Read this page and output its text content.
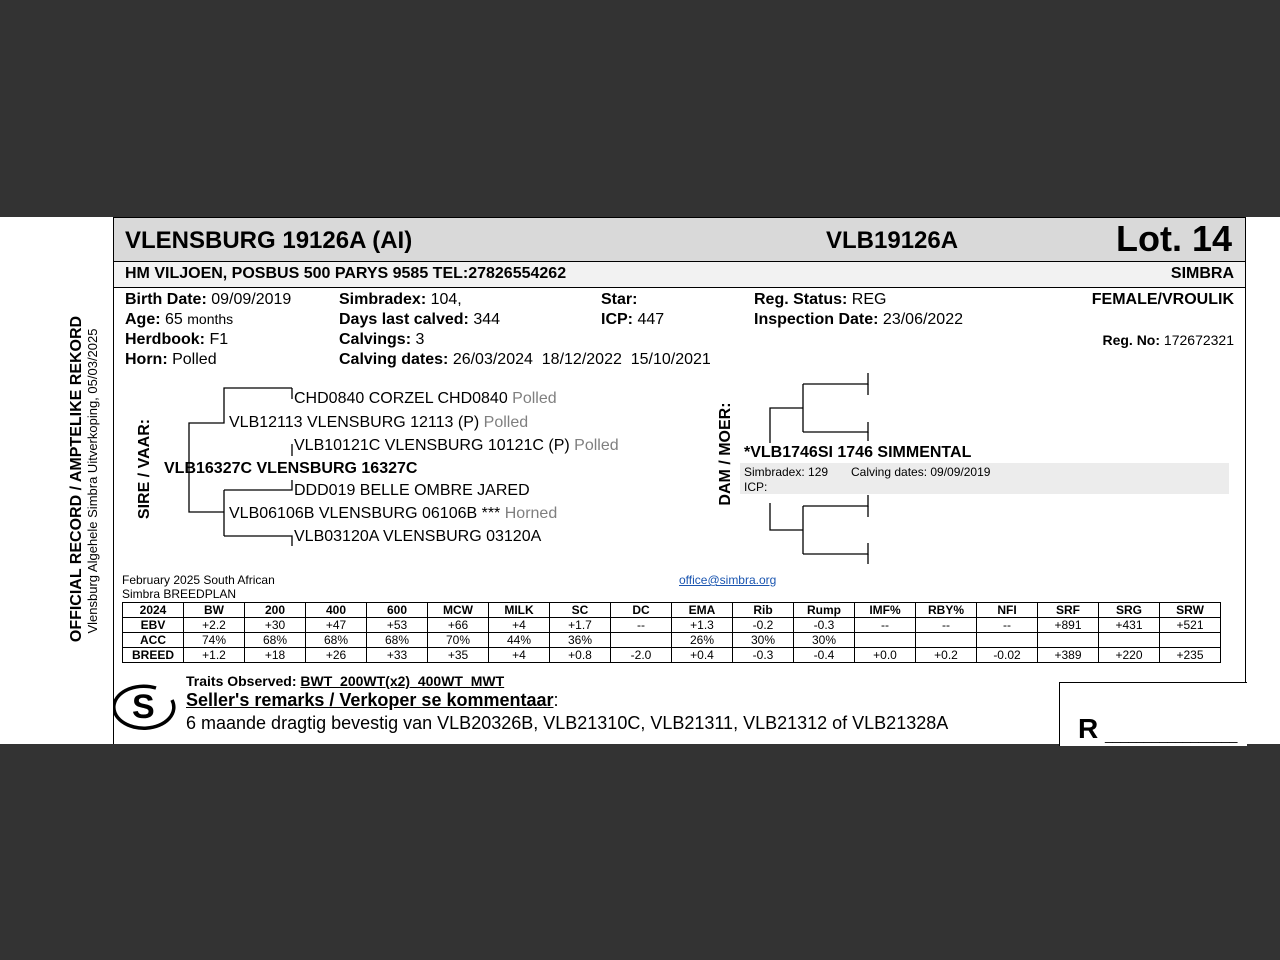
OFFICIAL RECORD / AMPTELIKE REKORD Vlensburg Algehele Simbra Uitverkoping, 05/03/2025
VLENSBURG 19126A (AI)	VLB19126A	Lot. 14
HM VILJOEN, POSBUS 500 PARYS 9585 TEL:27826554262	SIMBRA
Birth Date: 09/09/2019
Age: 65 months
Herdbook: F1
Horn: Polled
Simbradex: 104,
Days last calved: 344
Calvings: 3
Calving dates: 26/03/2024  18/12/2022  15/10/2021
Star:
ICP: 447
Reg. Status: REG
Inspection Date: 23/06/2022
FEMALE/VROULIK
Reg. No: 172672321
SIRE / VAAR:	DAM / MOER:
CHD0840 CORZEL CHD0840 Polled
VLB12113 VLENSBURG 12113 (P) Polled
VLB10121C VLENSBURG 10121C (P) Polled
VLB16327C VLENSBURG 16327C
DDD019 BELLE OMBRE JARED
VLB06106B VLENSBURG 06106B *** Horned
VLB03120A VLENSBURG 03120A
*VLB1746SI 1746 SIMMENTAL
Simbradex: 129 Calving dates: 09/09/2019
ICP:
February 2025 South African
Simbra BREEDPLAN
office@simbra.org
2024	BW	200	400	600	MCW	MILK	SC	DC	EMA	Rib	Rump	IMF%	RBY%	NFI	SRF	SRG	SRW
EBV	+2.2	+30	+47	+53	+66	+4	+1.7	--	+1.3	-0.2	-0.3	--	--	--	+891	+431	+521
ACC	74%	68%	68%	68%	70%	44%	36%		26%	30%	30%						
BREED	+1.2	+18	+26	+33	+35	+4	+0.8	-2.0	+0.4	-0.3	-0.4	+0.0	+0.2	-0.02	+389	+220	+235
S
Traits Observed: BWT  200WT(x2)  400WT  MWT
Seller's remarks / Verkoper se kommentaar:
6 maande dragtig bevestig van VLB20326B, VLB21310C, VLB21311, VLB21312 of VLB21328A	R _________________
